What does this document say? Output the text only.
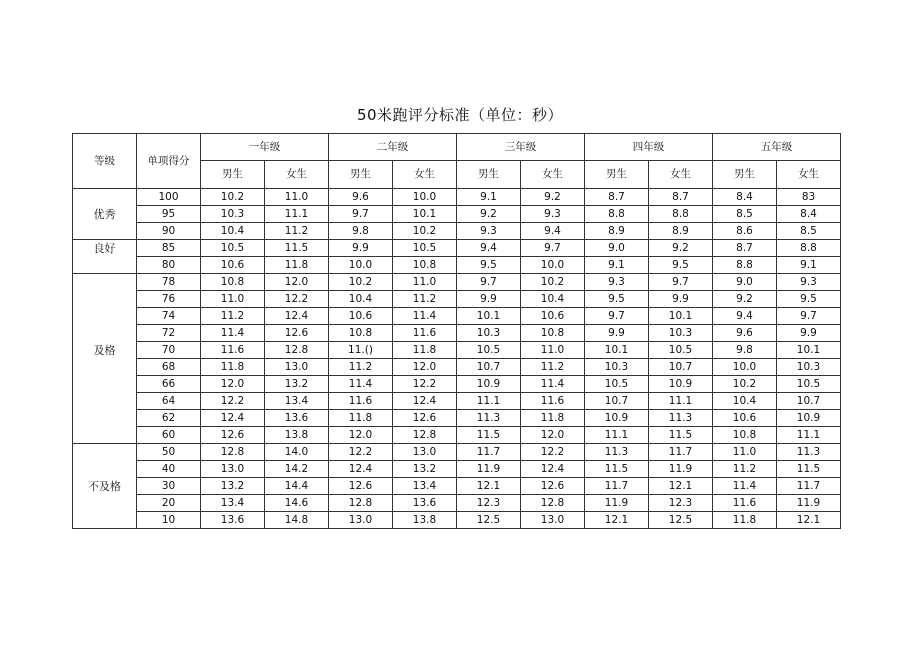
50米跑评分标准（单位：秒）
等级	单项得分	一年级		二年级		三年级		四年级		五年级	
		男生	女生	男生	女生	男生	女生	男生	女生	男生	女生
	100	10.2	11.0	9.6	10.0	9.1	9.2	8.7	8.7	8.4	83
优秀	95	10.3	11.1	9.7	10.1	9.2	9.3	8.8	8.8	8.5	8.4
	90	10.4	11.2	9.8	10.2	9.3	9.4	8.9	8.9	8.6	8.5
良好	85	10.5	11.5	9.9	10.5	9.4	9.7	9.0	9.2	8.7	8.8
	80	10.6	11.8	10.0	10.8	9.5	10.0	9.1	9.5	8.8	9.1
	78	10.8	12.0	10.2	11.0	9.7	10.2	9.3	9.7	9.0	9.3
	76	11.0	12.2	10.4	11.2	9.9	10.4	9.5	9.9	9.2	9.5
	74	11.2	12.4	10.6	11.4	10.1	10.6	9.7	10.1	9.4	9.7
	72	11.4	12.6	10.8	11.6	10.3	10.8	9.9	10.3	9.6	9.9
及格	70	11.6	12.8	11.()	11.8	10.5	11.0	10.1	10.5	9.8	10.1
	68	11.8	13.0	11.2	12.0	10.7	11.2	10.3	10.7	10.0	10.3
	66	12.0	13.2	11.4	12.2	10.9	11.4	10.5	10.9	10.2	10.5
	64	12.2	13.4	11.6	12.4	11.1	11.6	10.7	11.1	10.4	10.7
	62	12.4	13.6	11.8	12.6	11.3	11.8	10.9	11.3	10.6	10.9
	60	12.6	13.8	12.0	12.8	11.5	12.0	11.1	11.5	10.8	11.1
	50	12.8	14.0	12.2	13.0	11.7	12.2	11.3	11.7	11.0	11.3
	40	13.0	14.2	12.4	13.2	11.9	12.4	11.5	11.9	11.2	11.5
不及格	30	13.2	14.4	12.6	13.4	12.1	12.6	11.7	12.1	11.4	11.7
	20	13.4	14.6	12.8	13.6	12.3	12.8	11.9	12.3	11.6	11.9
	10	13.6	14.8	13.0	13.8	12.5	13.0	12.1	12.5	11.8	12.1
